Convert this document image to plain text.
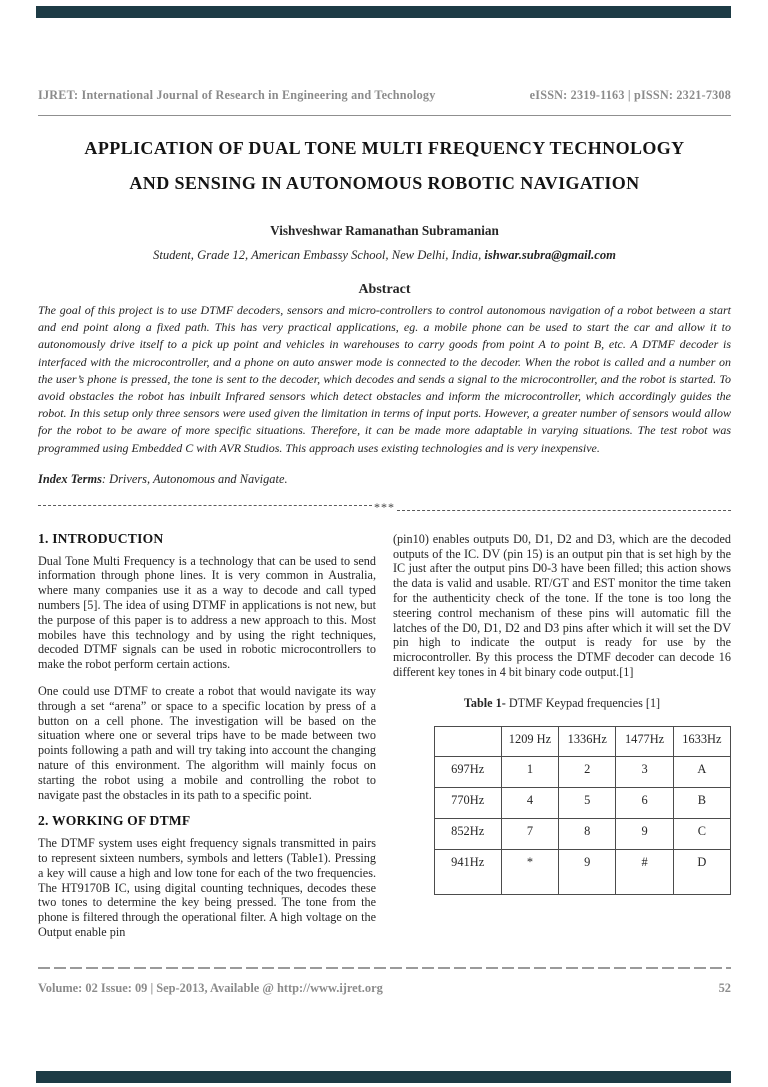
IJRET: International Journal of Research in Engineering and Technology	eISSN: 2319-1163 | pISSN: 2321-7308
APPLICATION OF DUAL TONE MULTI FREQUENCY TECHNOLOGY
AND SENSING IN AUTONOMOUS ROBOTIC NAVIGATION
Vishveshwar Ramanathan Subramanian
Student, Grade 12, American Embassy School, New Delhi, India, ishwar.subra@gmail.com
Abstract
The goal of this project is to use DTMF decoders, sensors and micro-controllers to control autonomous navigation of a robot between a start and end point along a fixed path. This has very practical applications, eg. a mobile phone can be used to start the car and allow it to autonomously drive itself to a pick up point and vehicles in warehouses to carry goods from point A to point B, etc. A DTMF decoder is interfaced with the microcontroller, and a phone on auto answer mode is connected to the decoder. When the robot is called and a number on the user’s phone is pressed, the tone is sent to the decoder, which decodes and sends a signal to the microcontroller, and the robot is started. To avoid obstacles the robot has inbuilt Infrared sensors which detect obstacles and inform the microcontroller, which accordingly guides the robot. In this setup only three sensors were used given the limitation in terms of input ports. However, a greater number of sensors would allow for the robot to be aware of more specific situations. Therefore, it can be made more adaptable in varying situations. The test robot was programmed using Embedded C with AVR Studios. This approach uses existing technologies and is very inexpensive.
Index Terms: Drivers, Autonomous and Navigate.
***
1. INTRODUCTION

Dual Tone Multi Frequency is a technology that can be used to send information through phone lines. It is very common in Australia, where many companies use it as a way to decode and call typed numbers [5]. The idea of using DTMF in applications is not new, but the purpose of this paper is to address a new approach to this. Most mobiles have this technology and by using the right techniques, decoded DTMF signals can be used in robotic microcontrollers to make the robot perform certain actions.

One could use DTMF to create a robot that would navigate its way through a set “arena” or space to a specific location by press of a button on a cell phone. The investigation will be based on the situation where one or several trips have to be made between two points following a path and will try taking into account the changing nature of this environment. The algorithm will mainly focus on starting the robot using a mobile and controlling the robot to navigate past the obstacles in its path to a specific point.

2. WORKING OF DTMF

The DTMF system uses eight frequency signals transmitted in pairs to represent sixteen numbers, symbols and letters (Table1). Pressing a key will cause a high and low tone for each of the two frequencies. The HT9170B IC, using digital counting techniques, decodes these two tones to determine the key being pressed. The tone from the phone is filtered through the operational filter. A high voltage on the Output enable pin

(pin10) enables outputs D0, D1, D2 and D3, which are the decoded outputs of the IC. DV (pin 15) is an output pin that is set high by the IC just after the output pins D0-3 have been filled; this action shows the data is valid and usable. RT/GT and EST monitor the time taken for the authenticity check of the tone. If the tone is too long the steering control mechanism of these pins will automatic fill the latches of the D0, D1, D2 and D3 pins after which it will set the DV pin high to indicate the output is ready for use by the microcontroller. By this process the DTMF decoder can decode 16 different key tones in 4 bit binary code output.[1]

Table 1- DTMF Keypad frequencies [1]
	1209 Hz	1336Hz	1477Hz	1633Hz
697Hz	1	2	3	A
770Hz	4	5	6	B
852Hz	7	8	9	C
941Hz	*	9	#	D
Volume: 02 Issue: 09 | Sep-2013, Available @ http://www.ijret.org	52
